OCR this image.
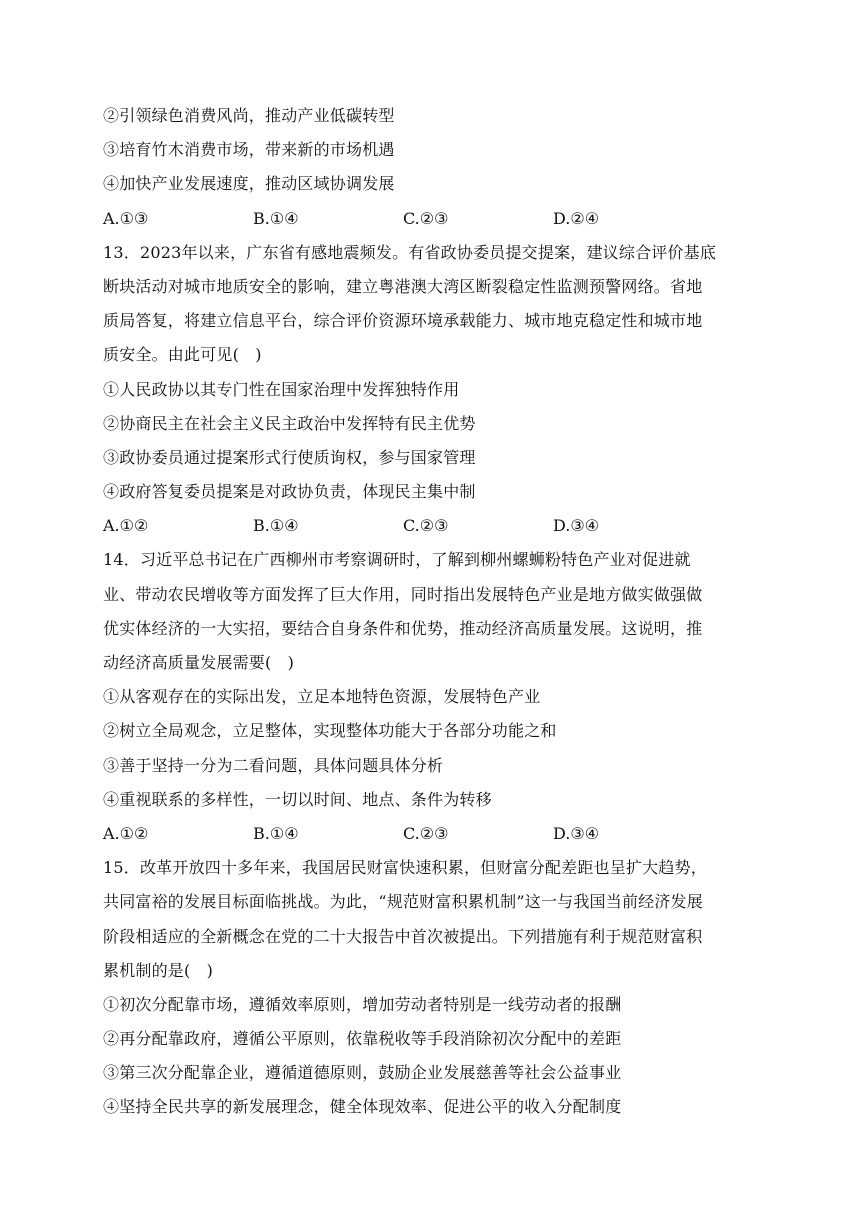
②引领绿色消费风尚，推动产业低碳转型
③培育竹木消费市场，带来新的市场机遇
④加快产业发展速度，推动区域协调发展
A.①③	B.①④	C.②③	D.②④
13．2023年以来，广东省有感地震频发。有省政协委员提交提案，建议综合评价基底
断块活动对城市地质安全的影响，建立粤港澳大湾区断裂稳定性监测预警网络。省地
质局答复，将建立信息平台，综合评价资源环境承载能力、城市地克稳定性和城市地
质安全。由此可见(　)
①人民政协以其专门性在国家治理中发挥独特作用
②协商民主在社会主义民主政治中发挥特有民主优势
③政协委员通过提案形式行使质询权，参与国家管理
④政府答复委员提案是对政协负责，体现民主集中制
A.①②	B.①④	C.②③	D.③④
14．习近平总书记在广西柳州市考察调研时，了解到柳州螺蛳粉特色产业对促进就
业、带动农民增收等方面发挥了巨大作用，同时指出发展特色产业是地方做实做强做
优实体经济的一大实招，要结合自身条件和优势，推动经济高质量发展。这说明，推
动经济高质量发展需要(　)
①从客观存在的实际出发，立足本地特色资源，发展特色产业
②树立全局观念，立足整体，实现整体功能大于各部分功能之和
③善于坚持一分为二看问题，具体问题具体分析
④重视联系的多样性，一切以时间、地点、条件为转移
A.①②	B.①④	C.②③	D.③④
15．改革开放四十多年来，我国居民财富快速积累，但财富分配差距也呈扩大趋势，
共同富裕的发展目标面临挑战。为此，“规范财富积累机制”这一与我国当前经济发展
阶段相适应的全新概念在党的二十大报告中首次被提出。下列措施有利于规范财富积
累机制的是(　)
①初次分配靠市场，遵循效率原则，增加劳动者特别是一线劳动者的报酬
②再分配靠政府，遵循公平原则，依靠税收等手段消除初次分配中的差距
③第三次分配靠企业，遵循道德原则，鼓励企业发展慈善等社会公益事业
④坚持全民共享的新发展理念，健全体现效率、促进公平的收入分配制度
